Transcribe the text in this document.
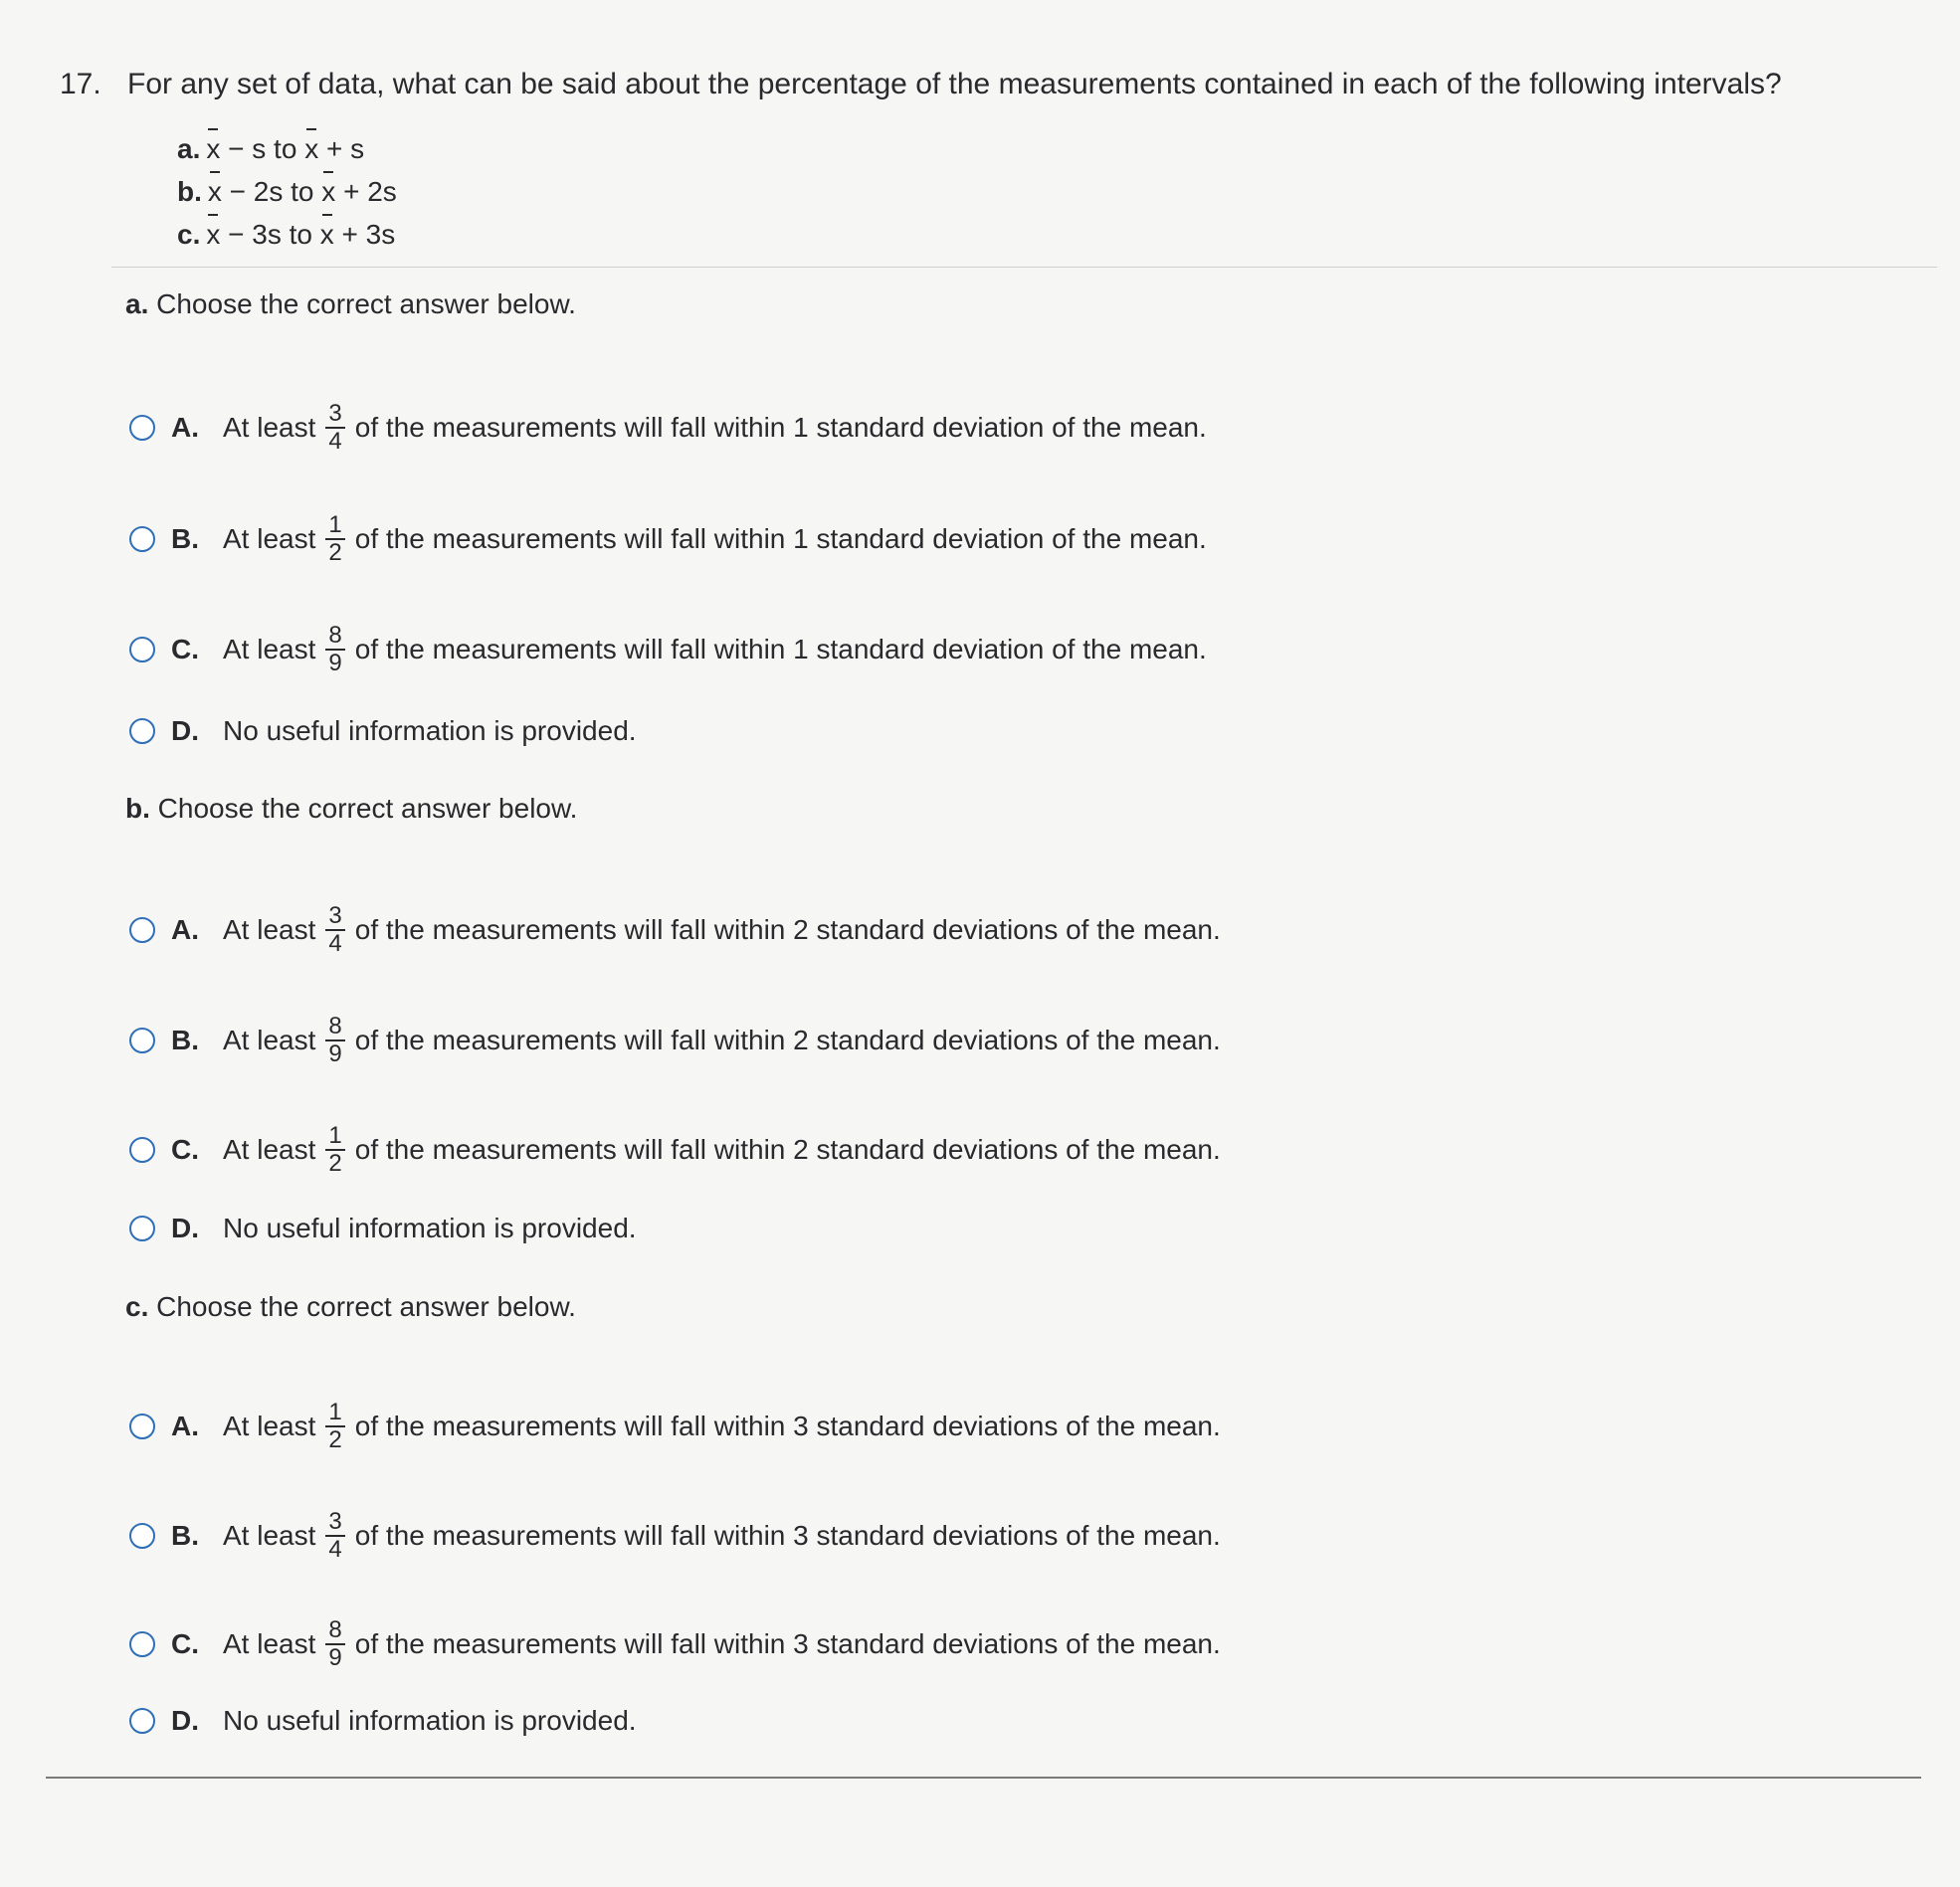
17. For any set of data, what can be said about the percentage of the measurements contained in each of the following intervals?
a. x − s to x + s
b. x − 2s to x + 2s
c. x − 3s to x + 3s
a. Choose the correct answer below.
A. At least $\frac{3}{4}$ of the measurements will fall within 1 standard deviation of the mean.
B. At least $\frac{1}{2}$ of the measurements will fall within 1 standard deviation of the mean.
C. At least $\frac{8}{9}$ of the measurements will fall within 1 standard deviation of the mean.
D. No useful information is provided.
b. Choose the correct answer below.
A. At least $\frac{3}{4}$ of the measurements will fall within 2 standard deviations of the mean.
B. At least $\frac{8}{9}$ of the measurements will fall within 2 standard deviations of the mean.
C. At least $\frac{1}{2}$ of the measurements will fall within 2 standard deviations of the mean.
D. No useful information is provided.
c. Choose the correct answer below.
A. At least $\frac{1}{2}$ of the measurements will fall within 3 standard deviations of the mean.
B. At least $\frac{3}{4}$ of the measurements will fall within 3 standard deviations of the mean.
C. At least $\frac{8}{9}$ of the measurements will fall within 3 standard deviations of the mean.
D. No useful information is provided.
